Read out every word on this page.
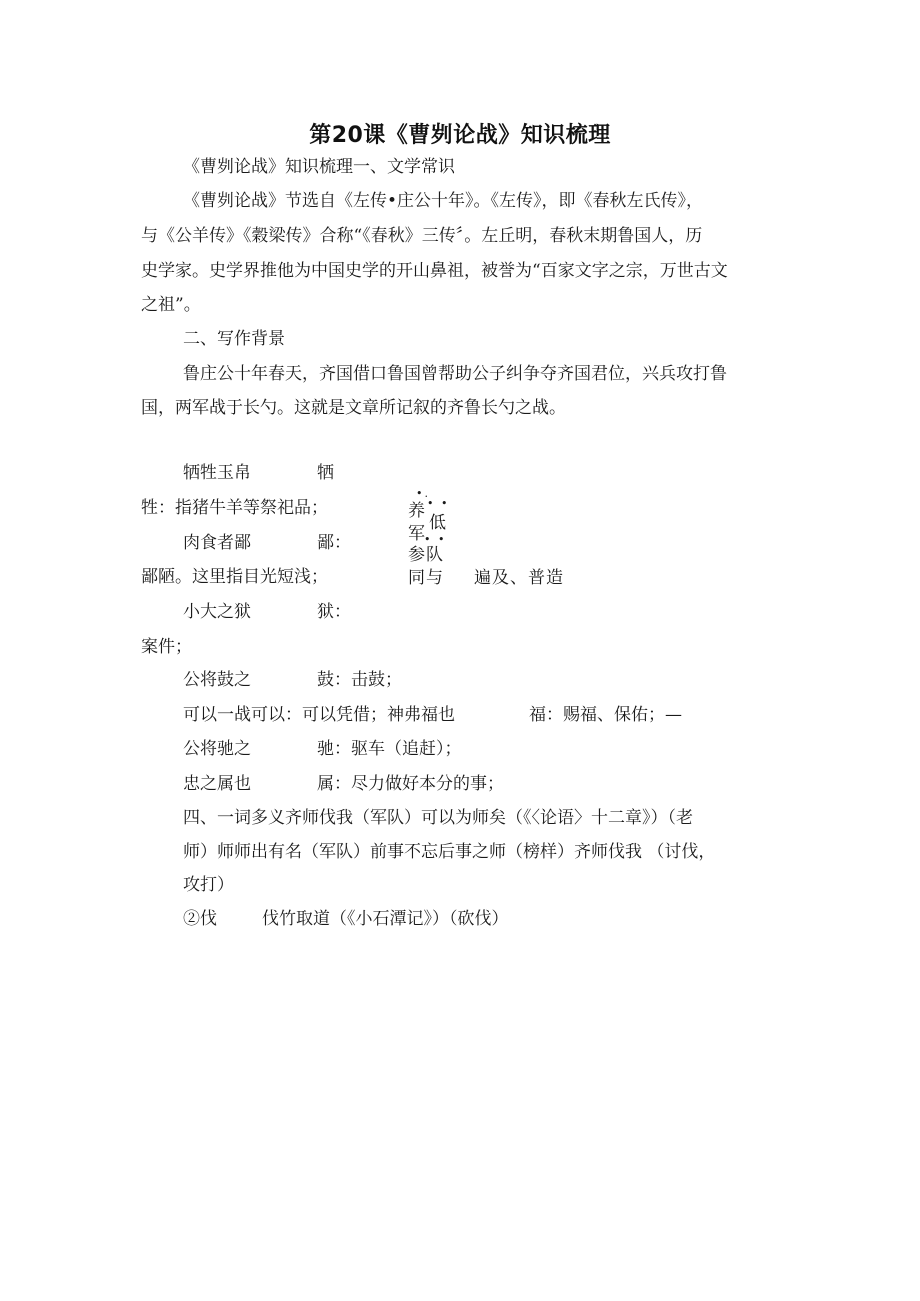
第20课《曹刿论战》知识梳理
《曹刿论战》知识梳理一、文学常识
《曹刿论战》节选自《左传•庄公十年》。《左传》，即《春秋左氏传》，
与《公羊传》《穀梁传》合称“《春秋》三传〞。左丘明，春秋末期鲁国人，历
史学家。史学界推他为中国史学的开山鼻祖，被誉为“百家文字之宗，万世古文
之祖”。
二、写作背景
鲁庄公十年春天，齐国借口鲁国曾帮助公子纠争夺齐国君位，兴兵攻打鲁
国，两军战于长勺。这就是文章所记叙的齐鲁长勺之战。
牺牲玉帛	牺
牲：指猪牛羊等祭祀品；
肉食者鄙	鄙：
鄙陋。这里指目光短浅；
小大之狱	狱：
案件；
公将鼓之	鼓：击鼓；
可以一战可以：可以凭借；神弗福也	福：赐福、保佑；—
公将驰之	驰：驱车（追赶）；
忠之属也	属：尽力做好本分的事；
•.
养 • •
低
军
• •
参队
同与 遍及、普造
四、一词多义齐师伐我（军队）可以为师矣（《〈论语〉十二章》）（老
师）师师出有名（军队）前事不忘后事之师（榜样）齐师伐我 （讨伐，
攻打）
②伐	伐竹取道（《小石潭记》）（砍伐）
